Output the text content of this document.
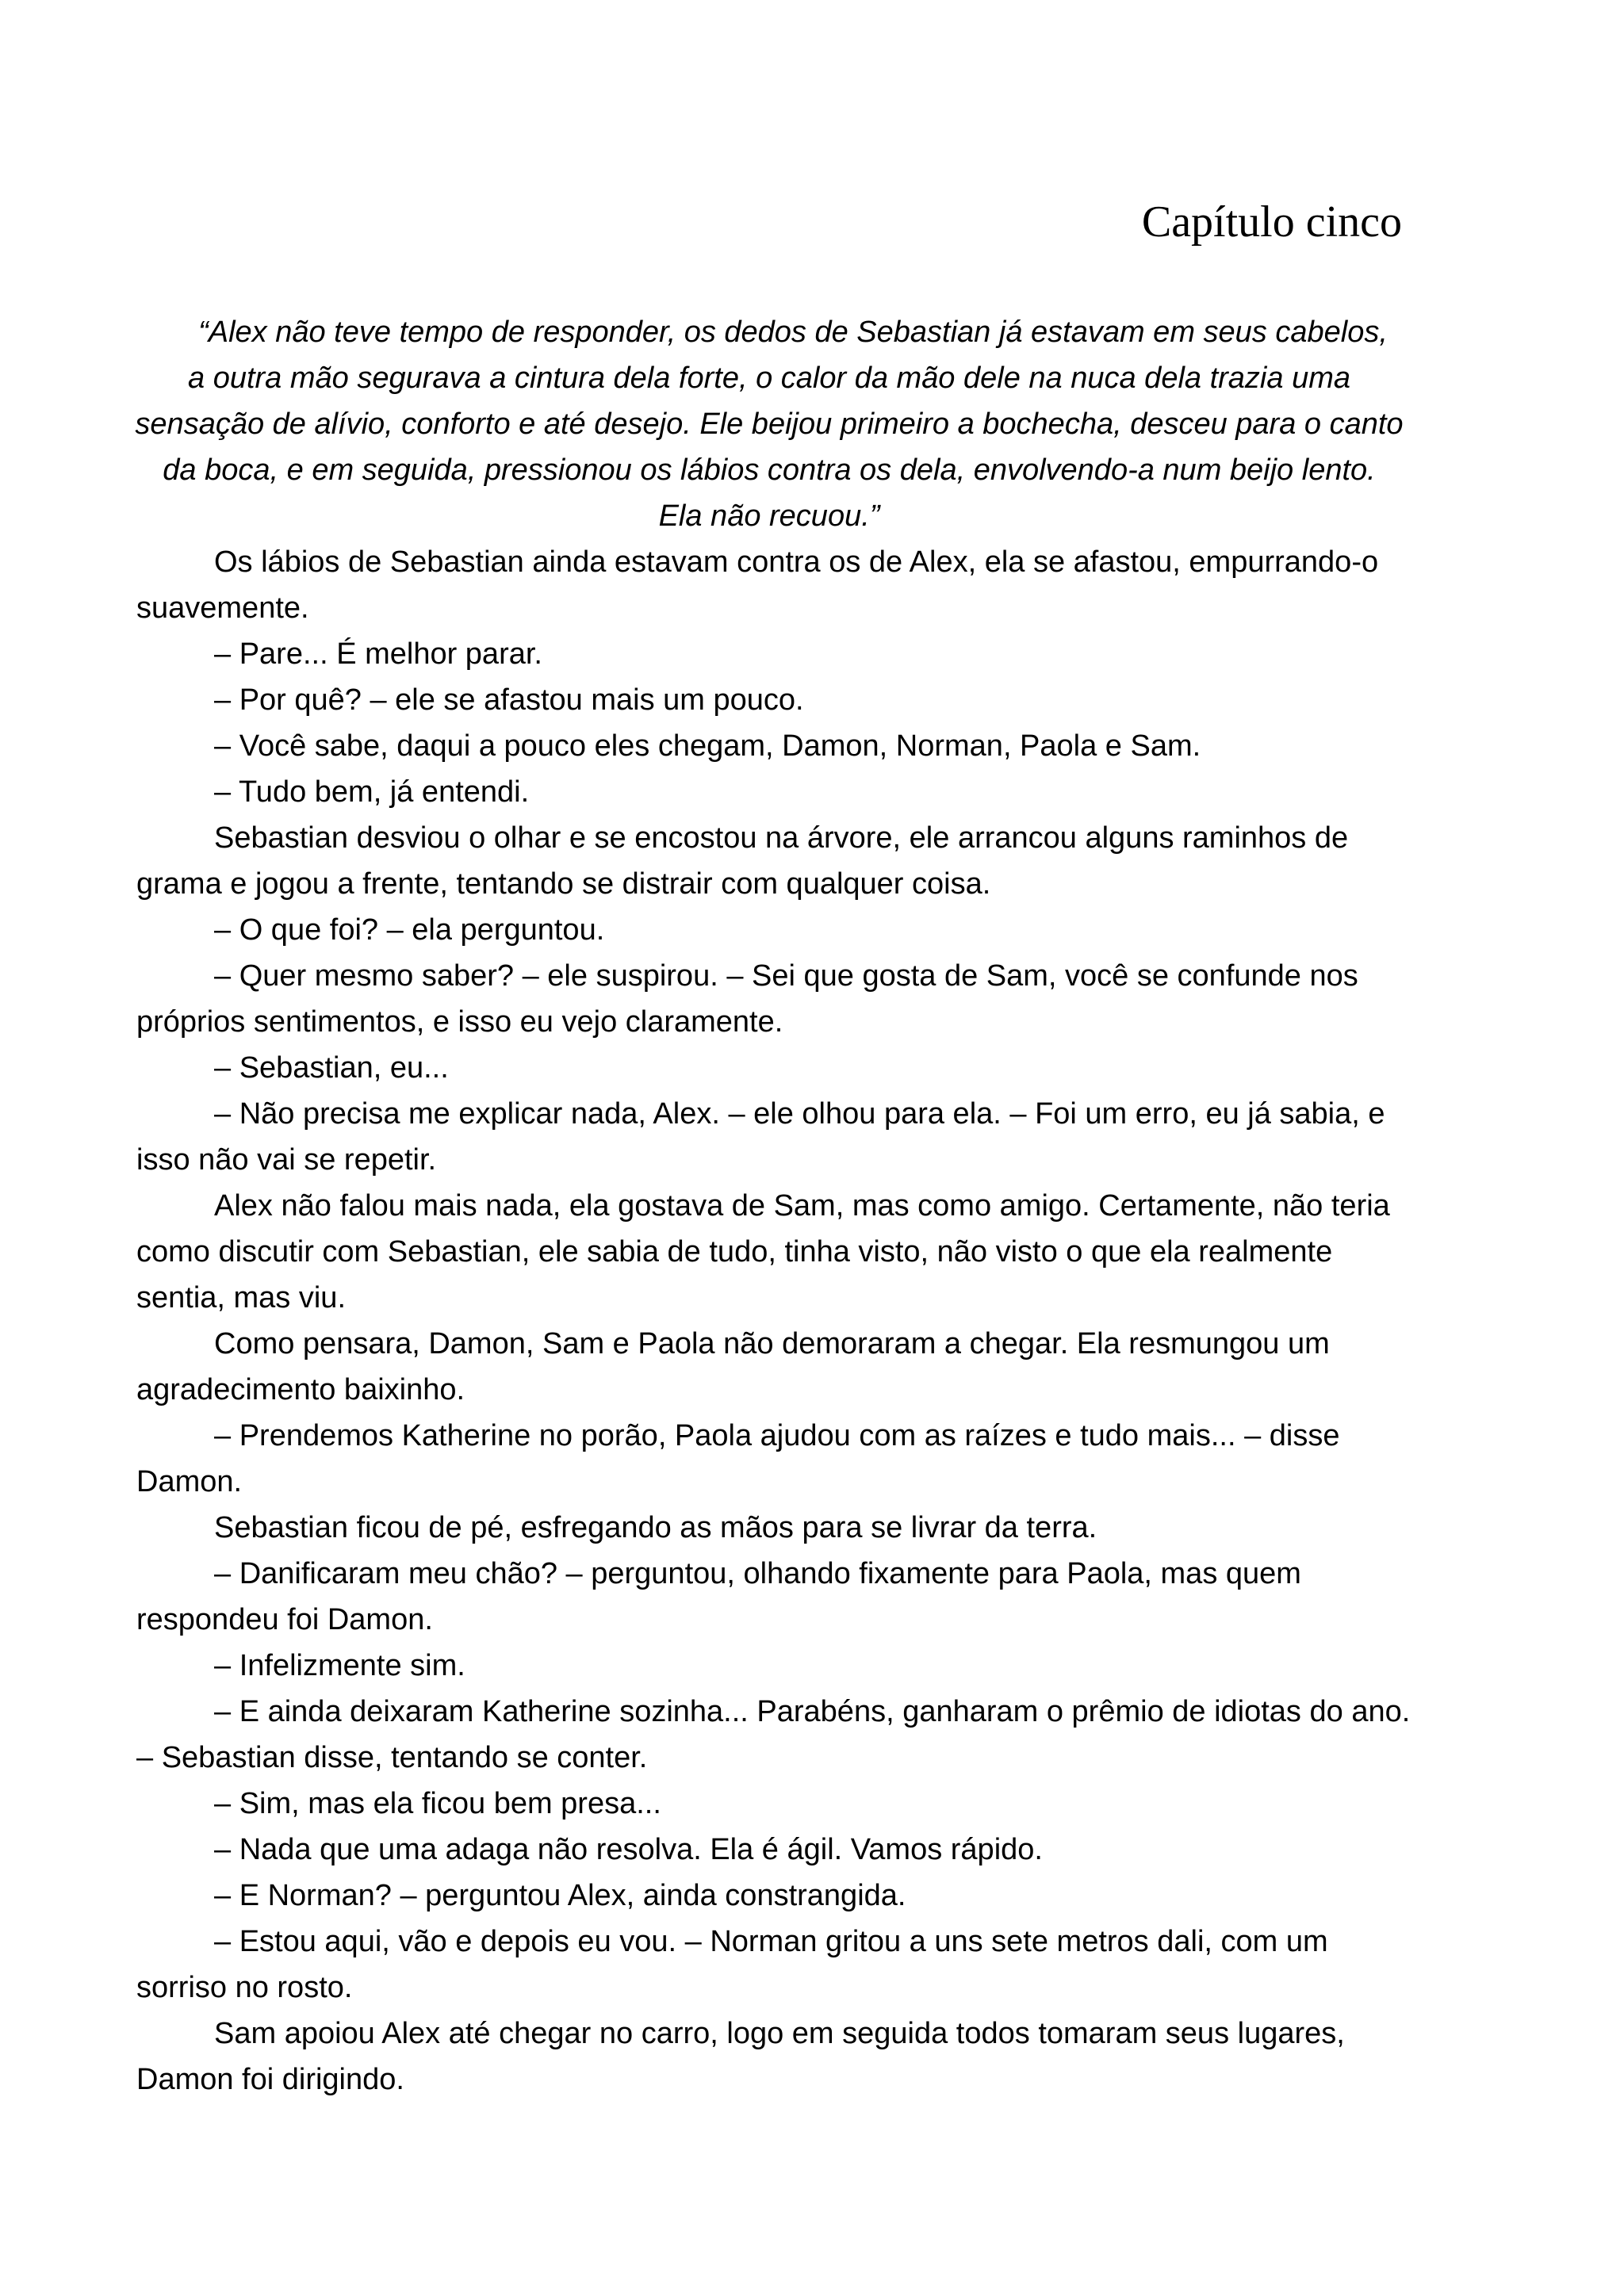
Capítulo cinco
“Alex não teve tempo de responder, os dedos de Sebastian já estavam em seus cabelos,
a outra mão segurava a cintura dela forte, o calor da mão dele na nuca dela trazia uma
sensação de alívio, conforto e até desejo. Ele beijou primeiro a bochecha, desceu para o canto
da boca, e em seguida, pressionou os lábios contra os dela, envolvendo-a num beijo lento.
Ela não recuou.”

Os lábios de Sebastian ainda estavam contra os de Alex, ela se afastou, empurrando-o
suavemente.

– Pare... É melhor parar.

– Por quê? – ele se afastou mais um pouco.

– Você sabe, daqui a pouco eles chegam, Damon, Norman, Paola e Sam.

– Tudo bem, já entendi.

Sebastian desviou o olhar e se encostou na árvore, ele arrancou alguns raminhos de
grama e jogou a frente, tentando se distrair com qualquer coisa.

– O que foi? – ela perguntou.

– Quer mesmo saber? – ele suspirou. – Sei que gosta de Sam, você se confunde nos
próprios sentimentos, e isso eu vejo claramente.

– Sebastian, eu...

– Não precisa me explicar nada, Alex. – ele olhou para ela. – Foi um erro, eu já sabia, e
isso não vai se repetir.

Alex não falou mais nada, ela gostava de Sam, mas como amigo. Certamente, não teria
como discutir com Sebastian, ele sabia de tudo, tinha visto, não visto o que ela realmente
sentia, mas viu.

Como pensara, Damon, Sam e Paola não demoraram a chegar. Ela resmungou um
agradecimento baixinho.

– Prendemos Katherine no porão, Paola ajudou com as raízes e tudo mais... – disse
Damon.

Sebastian ficou de pé, esfregando as mãos para se livrar da terra.

– Danificaram meu chão? – perguntou, olhando fixamente para Paola, mas quem
respondeu foi Damon.

– Infelizmente sim.

– E ainda deixaram Katherine sozinha... Parabéns, ganharam o prêmio de idiotas do ano.
– Sebastian disse, tentando se conter.

– Sim, mas ela ficou bem presa...

– Nada que uma adaga não resolva. Ela é ágil. Vamos rápido.

– E Norman? – perguntou Alex, ainda constrangida.

– Estou aqui, vão e depois eu vou. – Norman gritou a uns sete metros dali, com um
sorriso no rosto.

Sam apoiou Alex até chegar no carro, logo em seguida todos tomaram seus lugares,
Damon foi dirigindo.
